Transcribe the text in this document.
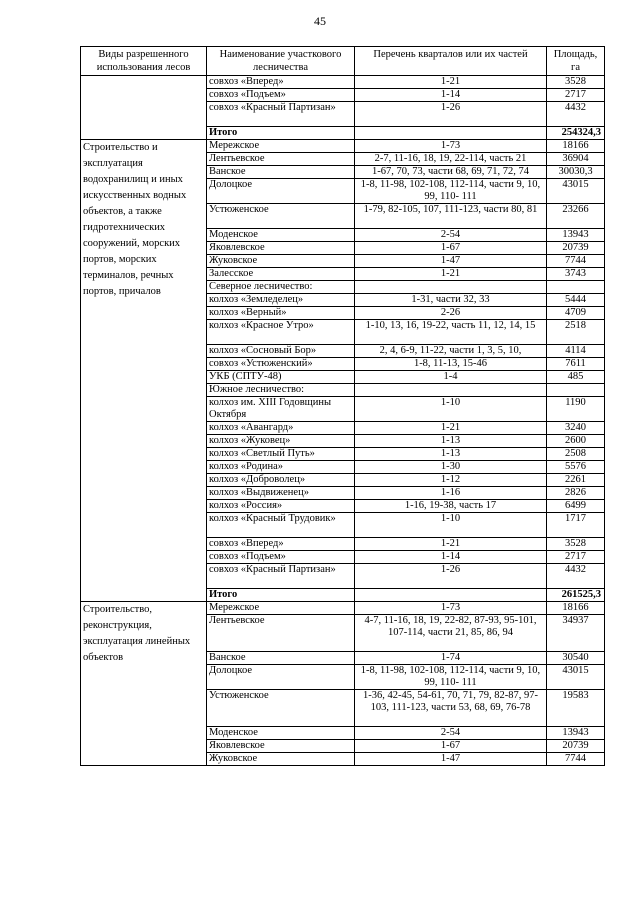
45
Виды разрешенного использования лесов	Наименование участкового лесничества	Перечень кварталов или их частей	Площадь, га
	совхоз «Вперед»	1-21	3528
	совхоз «Подъем»	1-14	2717
	совхоз «Красный Партизан»	1-26	4432
	Итого		254324,3
Строительство и эксплуатация водохранилищ и иных искусственных водных объектов, а также гидротехнических сооружений, морских портов, морских терминалов, речных портов, причалов	Мережское	1-73	18166
	Лентьевское	2-7, 11-16, 18, 19, 22-114, часть 21	36904
	Ванское	1-67, 70, 73, части 68, 69, 71, 72, 74	30030,3
	Долоцкое	1-8, 11-98, 102-108, 112-114, части 9, 10, 99, 110- 111	43015
	Устюженское	1-79, 82-105, 107, 111-123, части 80, 81	23266
	Моденское	2-54	13943
	Яковлевское	1-67	20739
	Жуковское	1-47	7744
	Залесское	1-21	3743
	Северное лесничество:		
	колхоз «Земледелец»	1-31, части 32, 33	5444
	колхоз «Верный»	2-26	4709
	колхоз «Красное Утро»	1-10, 13, 16, 19-22, часть 11, 12, 14, 15	2518
	колхоз «Сосновый Бор»	2, 4, 6-9, 11-22, части 1, 3, 5, 10,	4114
	совхоз «Устюженский»	1-8, 11-13, 15-46	7611
	УКБ (СПТУ-48)	1-4	485
	Южное лесничество:		
	колхоз им. XIII Годовщины Октября	1-10	1190
	колхоз «Авангард»	1-21	3240
	колхоз «Жуковец»	1-13	2600
	колхоз «Светлый Путь»	1-13	2508
	колхоз «Родина»	1-30	5576
	колхоз «Доброволец»	1-12	2261
	колхоз «Выдвиженец»	1-16	2826
	колхоз «Россия»	1-16, 19-38, часть 17	6499
	колхоз «Красный Трудовик»	1-10	1717
	совхоз «Вперед»	1-21	3528
	совхоз «Подъем»	1-14	2717
	совхоз «Красный Партизан»	1-26	4432
	Итого		261525,3
Строительство, реконструкция, эксплуатация линейных объектов	Мережское	1-73	18166
	Лентьевское	4-7, 11-16, 18, 19, 22-82, 87-93, 95-101, 107-114, части 21, 85, 86, 94	34937
	Ванское	1-74	30540
	Долоцкое	1-8, 11-98, 102-108, 112-114, части 9, 10, 99, 110- 111	43015
	Устюженское	1-36, 42-45, 54-61, 70, 71, 79, 82-87, 97-103, 111-123, части 53, 68, 69, 76-78	19583
	Моденское	2-54	13943
	Яковлевское	1-67	20739
	Жуковское	1-47	7744
